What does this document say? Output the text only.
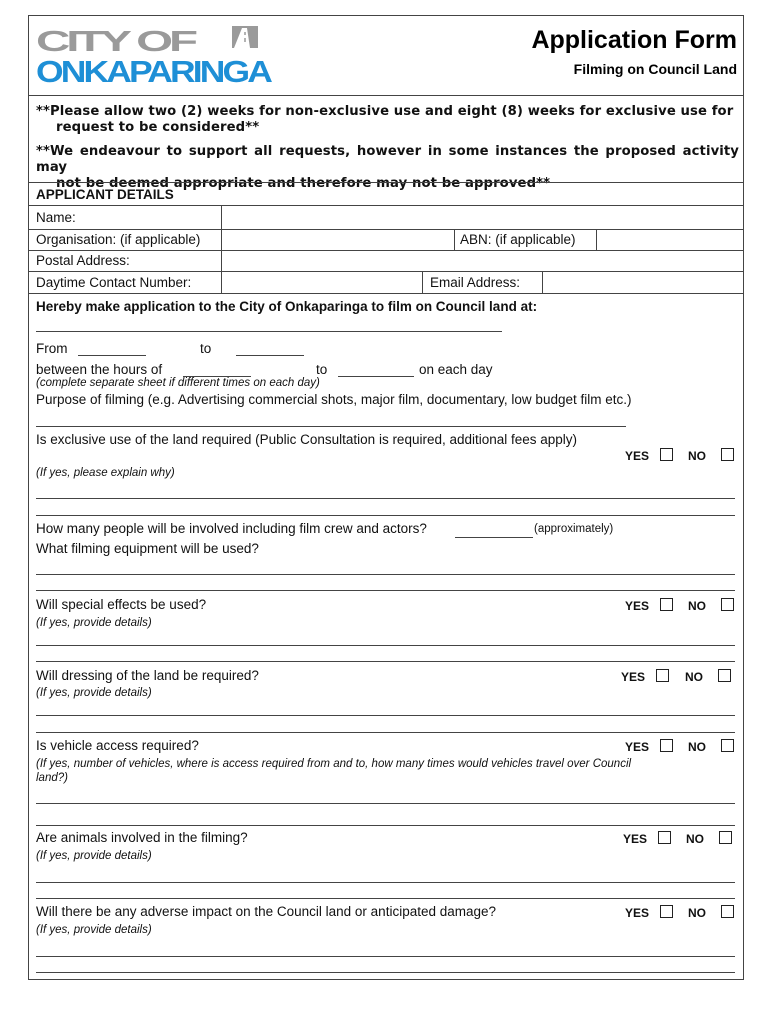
CITY OF
ONKAPARINGA
Application Form
Filming on Council Land
**Please allow two (2) weeks for non-exclusive use and eight (8) weeks for exclusive use for
request to be considered**
**We endeavour to support all requests, however in some instances the proposed activity may
not be deemed appropriate and therefore may not be approved**
APPLICANT DETAILS
Name:
Organisation: (if applicable)	ABN: (if applicable)
Postal Address:
Daytime Contact Number:	Email Address:
Hereby make application to the City of Onkaparinga to film on Council land at:
From	to
between the hours of	to	on each day
(complete separate sheet if different times on each day)
Purpose of filming (e.g. Advertising commercial shots, major film, documentary, low budget film etc.)
Is exclusive use of the land required (Public Consultation is required, additional fees apply)
YES	NO
(If yes, please explain why)
How many people will be involved including film crew and actors?	(approximately)
What filming equipment will be used?
Will special effects be used?	YES	NO
(If yes, provide details)
Will dressing of the land be required?	YES	NO
(If yes, provide details)
Is vehicle access required?	YES	NO
(If yes, number of vehicles, where is access required from and to, how many times would vehicles travel over Council
land?)
Are animals involved in the filming?	YES	NO
(If yes, provide details)
Will there be any adverse impact on the Council land or anticipated damage?	YES	NO
(If yes, provide details)
